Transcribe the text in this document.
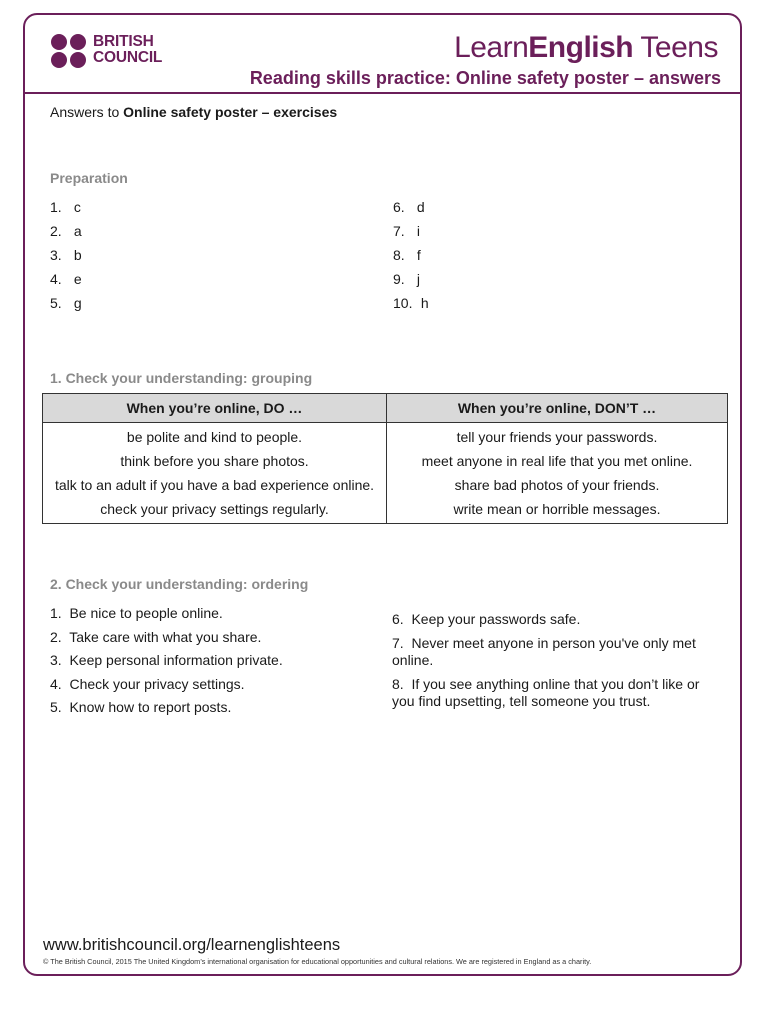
BRITISH COUNCIL	LearnEnglish Teens
Reading skills practice: Online safety poster – answers
Answers to Online safety poster – exercises
Preparation
1. c
2. a
3. b
4. e
5. g
6. d
7. i
8. f
9. j
10. h
1. Check your understanding: grouping
When you’re online, DO …	When you’re online, DON’T …
be polite and kind to people.	tell your friends your passwords.
think before you share photos.	meet anyone in real life that you met online.
talk to an adult if you have a bad experience online.	share bad photos of your friends.
check your privacy settings regularly.	write mean or horrible messages.
2. Check your understanding: ordering
1. Be nice to people online.
2. Take care with what you share.
3. Keep personal information private.
4. Check your privacy settings.
5. Know how to report posts.
6. Keep your passwords safe.
7. Never meet anyone in person you've only met online.
8. If you see anything online that you don’t like or you find upsetting, tell someone you trust.
www.britishcouncil.org/learnenglishteens
© The British Council, 2015 The United Kingdom’s international organisation for educational opportunities and cultural relations. We are registered in England as a charity.
